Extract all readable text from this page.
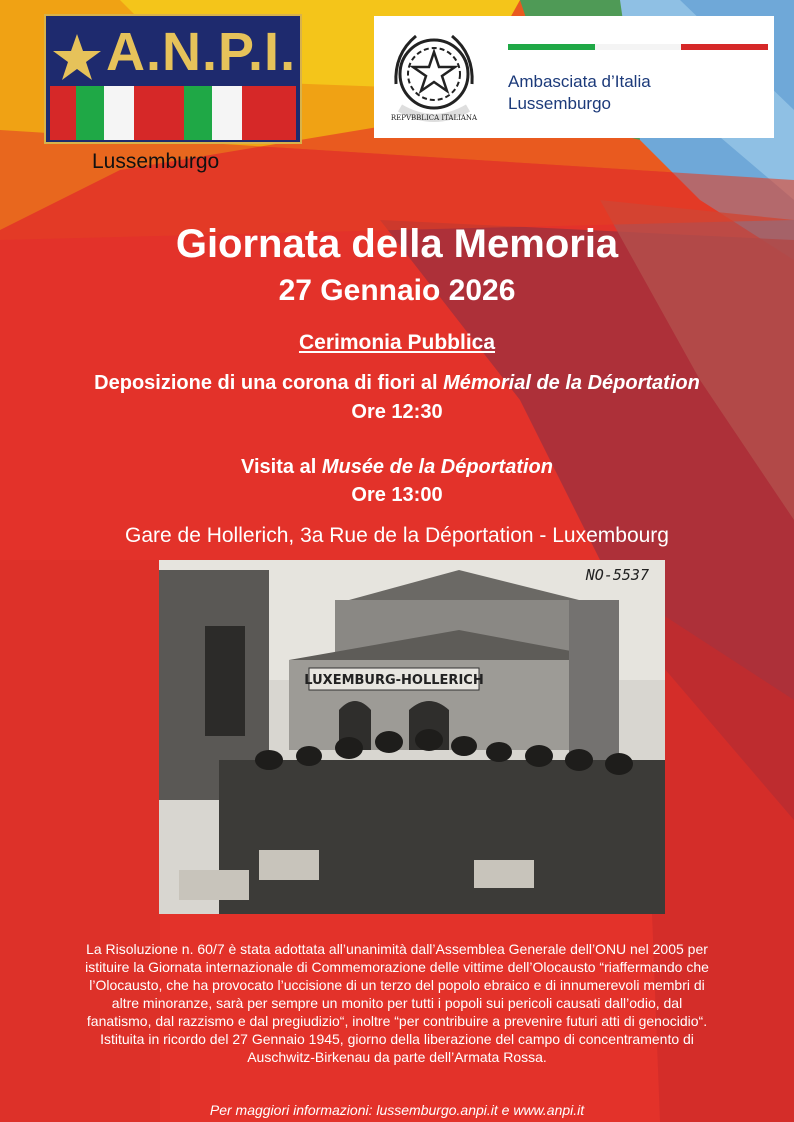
A.N.P.I.
Lussemburgo
REPVBBLICA ITALIANA
Ambasciata d’Italia
Lussemburgo
Giornata della Memoria
27 Gennaio 2026
Cerimonia Pubblica
Deposizione di una corona di fiori al Mémorial de la Déportation
Ore 12:30
Visita al Musée de la Déportation
Ore 13:00
Gare de Hollerich, 3a Rue de la Déportation - Luxembourg
LUXEMBURG-HOLLERICH
NO-5537
La Risoluzione n. 60/7 è stata adottata all’unanimità dall’Assemblea Generale dell’ONU nel 2005 per
istituire la Giornata internazionale di Commemorazione delle vittime dell’Olocausto “riaffermando che
l’Olocausto, che ha provocato l’uccisione di un terzo del popolo ebraico e di innumerevoli membri di
altre minoranze, sarà per sempre un monito per tutti i popoli sui pericoli causati dall’odio, dal
fanatismo, dal razzismo e dal pregiudizio“, inoltre “per contribuire a prevenire futuri atti di genocidio“.
Istituita in ricordo del 27 Gennaio 1945, giorno della liberazione del campo di concentramento di
Auschwitz-Birkenau da parte dell’Armata Rossa.
Per maggiori informazioni: lussemburgo.anpi.it e www.anpi.it
